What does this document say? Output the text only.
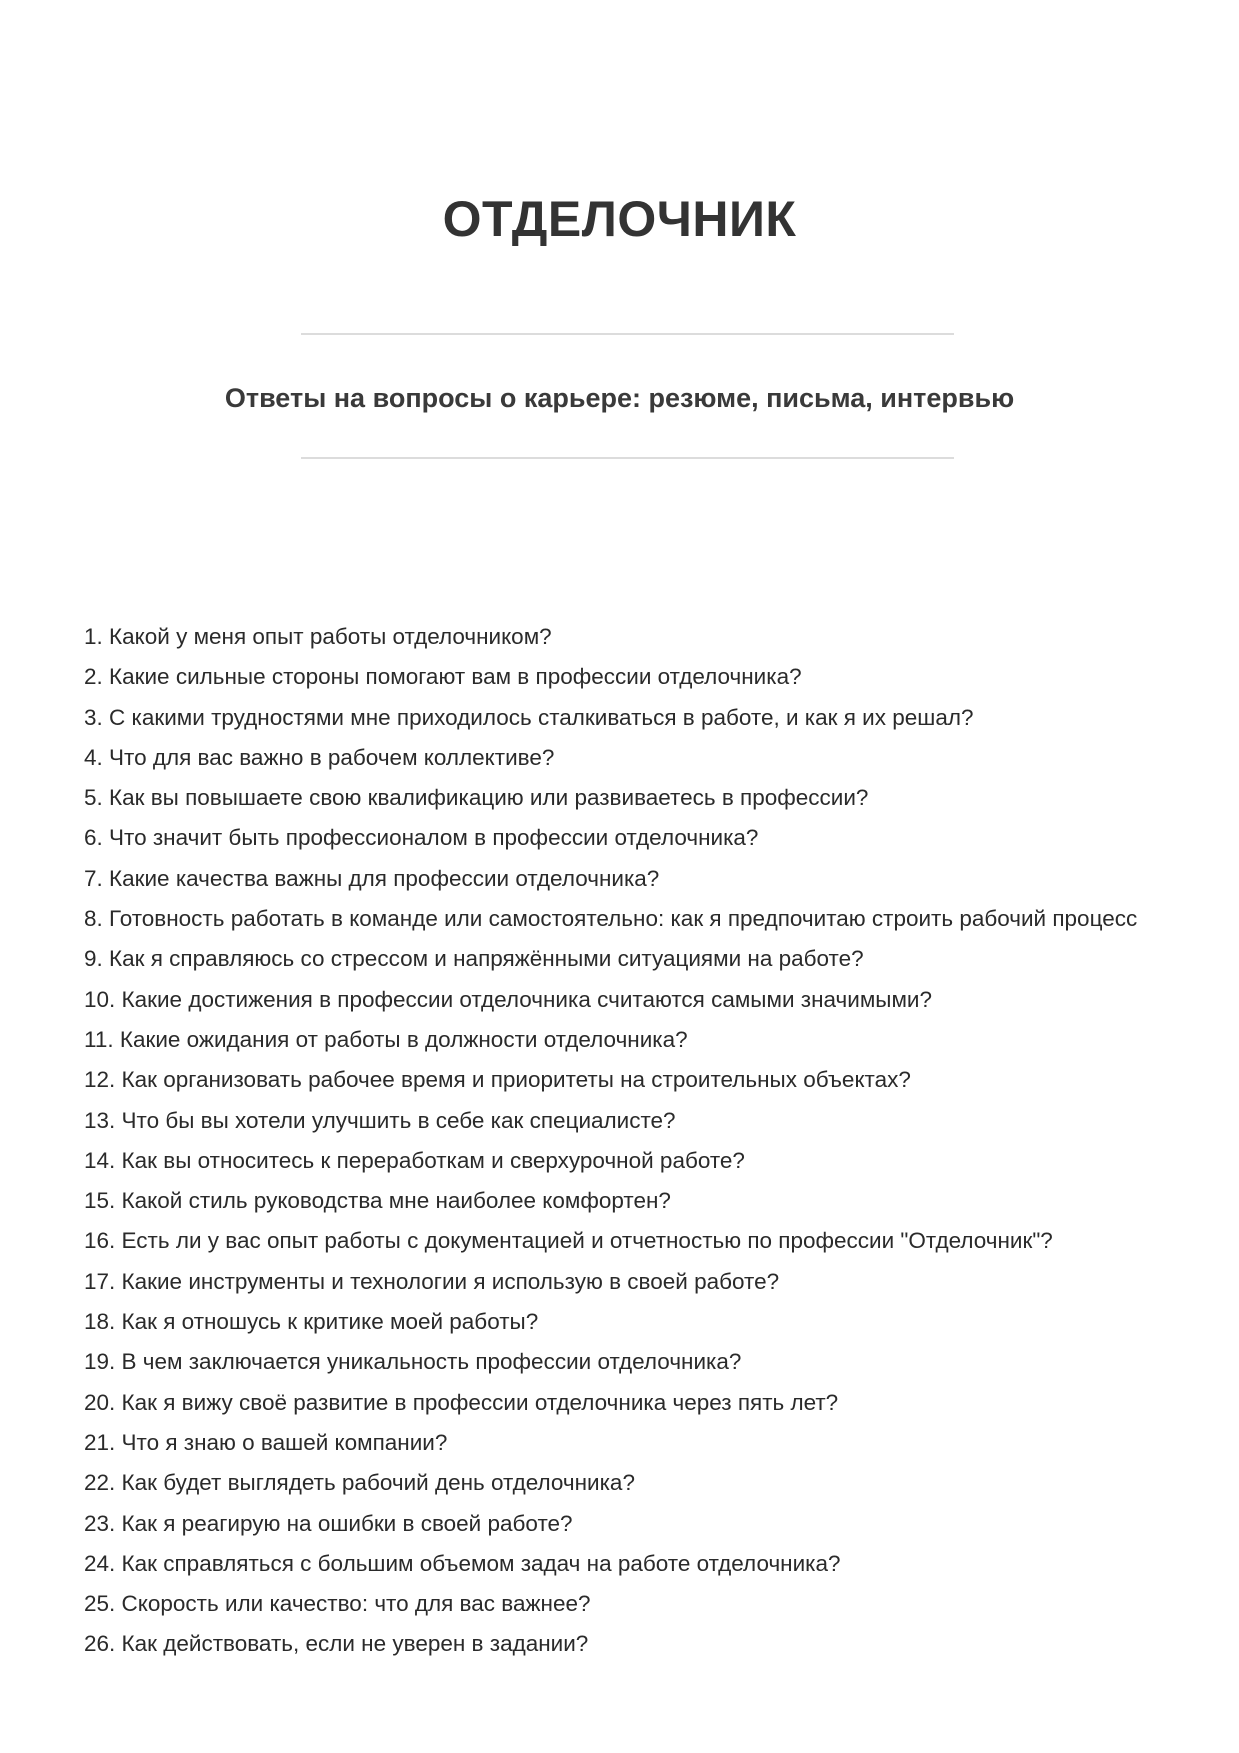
ОТДЕЛОЧНИК
Ответы на вопросы о карьере: резюме, письма, интервью
1. Какой у меня опыт работы отделочником?
2. Какие сильные стороны помогают вам в профессии отделочника?
3. С какими трудностями мне приходилось сталкиваться в работе, и как я их решал?
4. Что для вас важно в рабочем коллективе?
5. Как вы повышаете свою квалификацию или развиваетесь в профессии?
6. Что значит быть профессионалом в профессии отделочника?
7. Какие качества важны для профессии отделочника?
8. Готовность работать в команде или самостоятельно: как я предпочитаю строить рабочий процесс
9. Как я справляюсь со стрессом и напряжёнными ситуациями на работе?
10. Какие достижения в профессии отделочника считаются самыми значимыми?
11. Какие ожидания от работы в должности отделочника?
12. Как организовать рабочее время и приоритеты на строительных объектах?
13. Что бы вы хотели улучшить в себе как специалисте?
14. Как вы относитесь к переработкам и сверхурочной работе?
15. Какой стиль руководства мне наиболее комфортен?
16. Есть ли у вас опыт работы с документацией и отчетностью по профессии "Отделочник"?
17. Какие инструменты и технологии я использую в своей работе?
18. Как я отношусь к критике моей работы?
19. В чем заключается уникальность профессии отделочника?
20. Как я вижу своё развитие в профессии отделочника через пять лет?
21. Что я знаю о вашей компании?
22. Как будет выглядеть рабочий день отделочника?
23. Как я реагирую на ошибки в своей работе?
24. Как справляться с большим объемом задач на работе отделочника?
25. Скорость или качество: что для вас важнее?
26. Как действовать, если не уверен в задании?
